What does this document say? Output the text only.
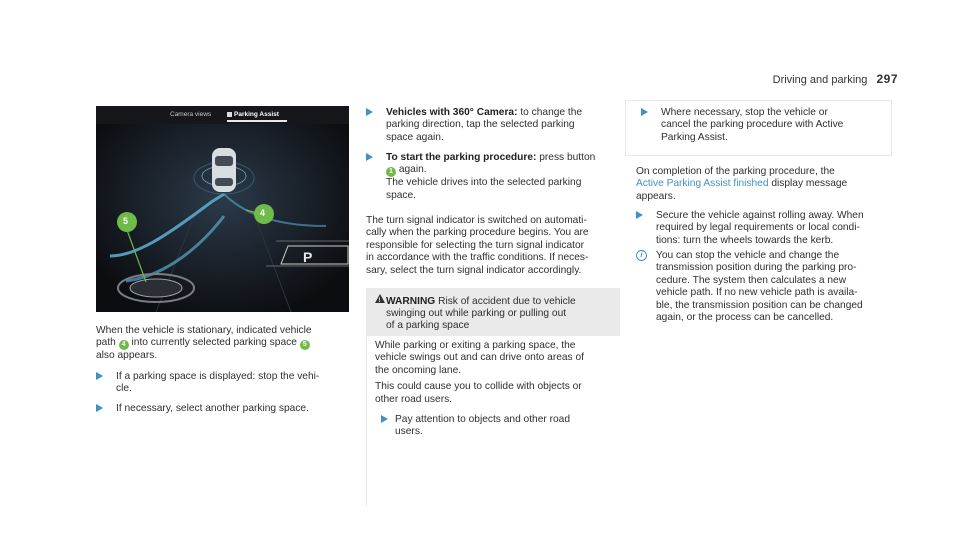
Driving and parking 297
Camera views	Parking Assist
5
4
P
When the vehicle is stationary, indicated vehicle
path 4 into currently selected parking space 5
also appears.
If a parking space is displayed: stop the vehi-
cle.
If necessary, select another parking space.
Vehicles with 360° Camera: to change the
parking direction, tap the selected parking
space again.
To start the parking procedure: press button
1 again.
The vehicle drives into the selected parking
space.
The turn signal indicator is switched on automati-
cally when the parking procedure begins. You are
responsible for selecting the turn signal indicator
in accordance with the traffic conditions. If neces-
sary, select the turn signal indicator accordingly.
!
WARNING Risk of accident due to vehicle
swinging out while parking or pulling out
of a parking space
While parking or exiting a parking space, the
vehicle swings out and can drive onto areas of
the oncoming lane.
This could cause you to collide with objects or
other road users.
Pay attention to objects and other road
users.
Where necessary, stop the vehicle or
cancel the parking procedure with Active
Parking Assist.
On completion of the parking procedure, the
Active Parking Assist finished display message
appears.
Secure the vehicle against rolling away. When
required by legal requirements or local condi-
tions: turn the wheels towards the kerb.
i	You can stop the vehicle and change the
transmission position during the parking pro-
cedure. The system then calculates a new
vehicle path. If no new vehicle path is availa-
ble, the transmission position can be changed
again, or the process can be cancelled.
